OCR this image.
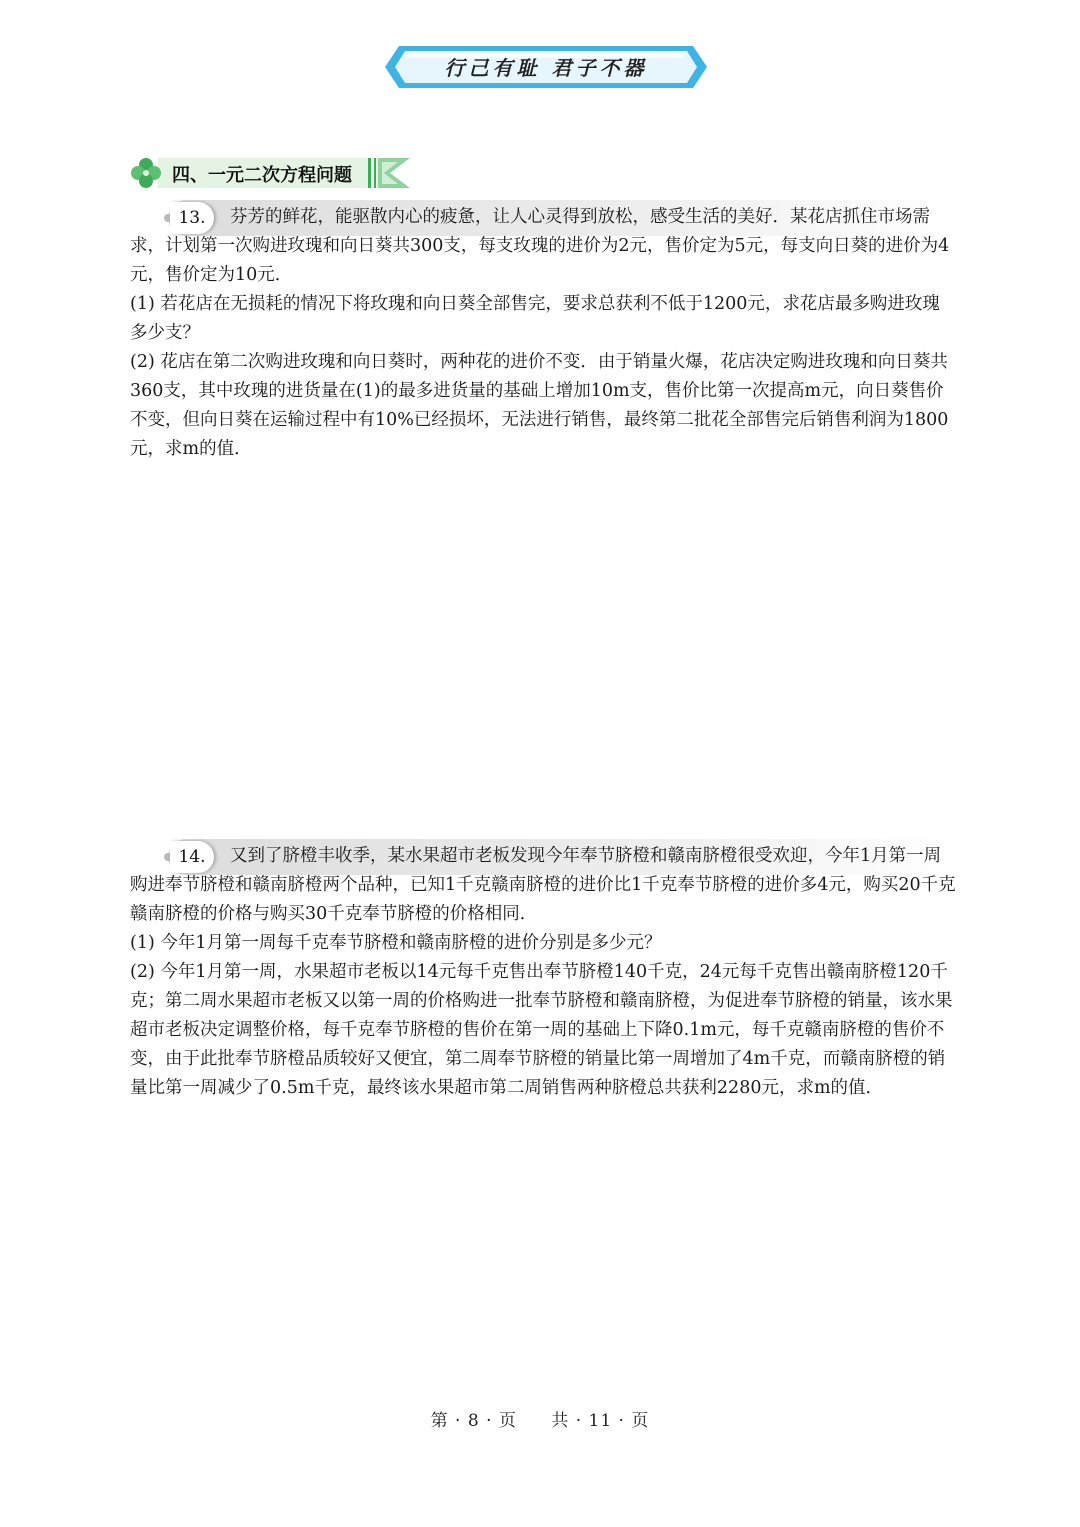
行己有耻 君子不器
四、一元二次方程问题
13.	芬芳的鲜花，能驱散内心的疲惫，让人心灵得到放松，感受生活的美好．某花店抓住市场需求，计划第一次购进玫瑰和向日葵共300支，每支玫瑰的进价为2元，售价定为5元，每支向日葵的进价为4元，售价定为10元．

(1) 若花店在无损耗的情况下将玫瑰和向日葵全部售完，要求总获利不低于1200元，求花店最多购进玫瑰多少支？

(2) 花店在第二次购进玫瑰和向日葵时，两种花的进价不变．由于销量火爆，花店决定购进玫瑰和向日葵共360支，其中玫瑰的进货量在(1)的最多进货量的基础上增加10m支，售价比第一次提高m元，向日葵售价不变，但向日葵在运输过程中有10%已经损坏，无法进行销售，最终第二批花全部售完后销售利润为1800元，求m的值．

14.	又到了脐橙丰收季，某水果超市老板发现今年奉节脐橙和赣南脐橙很受欢迎，今年1月第一周购进奉节脐橙和赣南脐橙两个品种，已知1千克赣南脐橙的进价比1千克奉节脐橙的进价多4元，购买20千克赣南脐橙的价格与购买30千克奉节脐橙的价格相同．

(1) 今年1月第一周每千克奉节脐橙和赣南脐橙的进价分别是多少元？

(2) 今年1月第一周，水果超市老板以14元每千克售出奉节脐橙140千克，24元每千克售出赣南脐橙120千克；第二周水果超市老板又以第一周的价格购进一批奉节脐橙和赣南脐橙，为促进奉节脐橙的销量，该水果超市老板决定调整价格，每千克奉节脐橙的售价在第一周的基础上下降0.1m元，每千克赣南脐橙的售价不变，由于此批奉节脐橙品质较好又便宜，第二周奉节脐橙的销量比第一周增加了4m千克，而赣南脐橙的销量比第一周减少了0.5m千克，最终该水果超市第二周销售两种脐橙总共获利2280元，求m的值．

第 · 8 · 页 共 · 11 · 页
